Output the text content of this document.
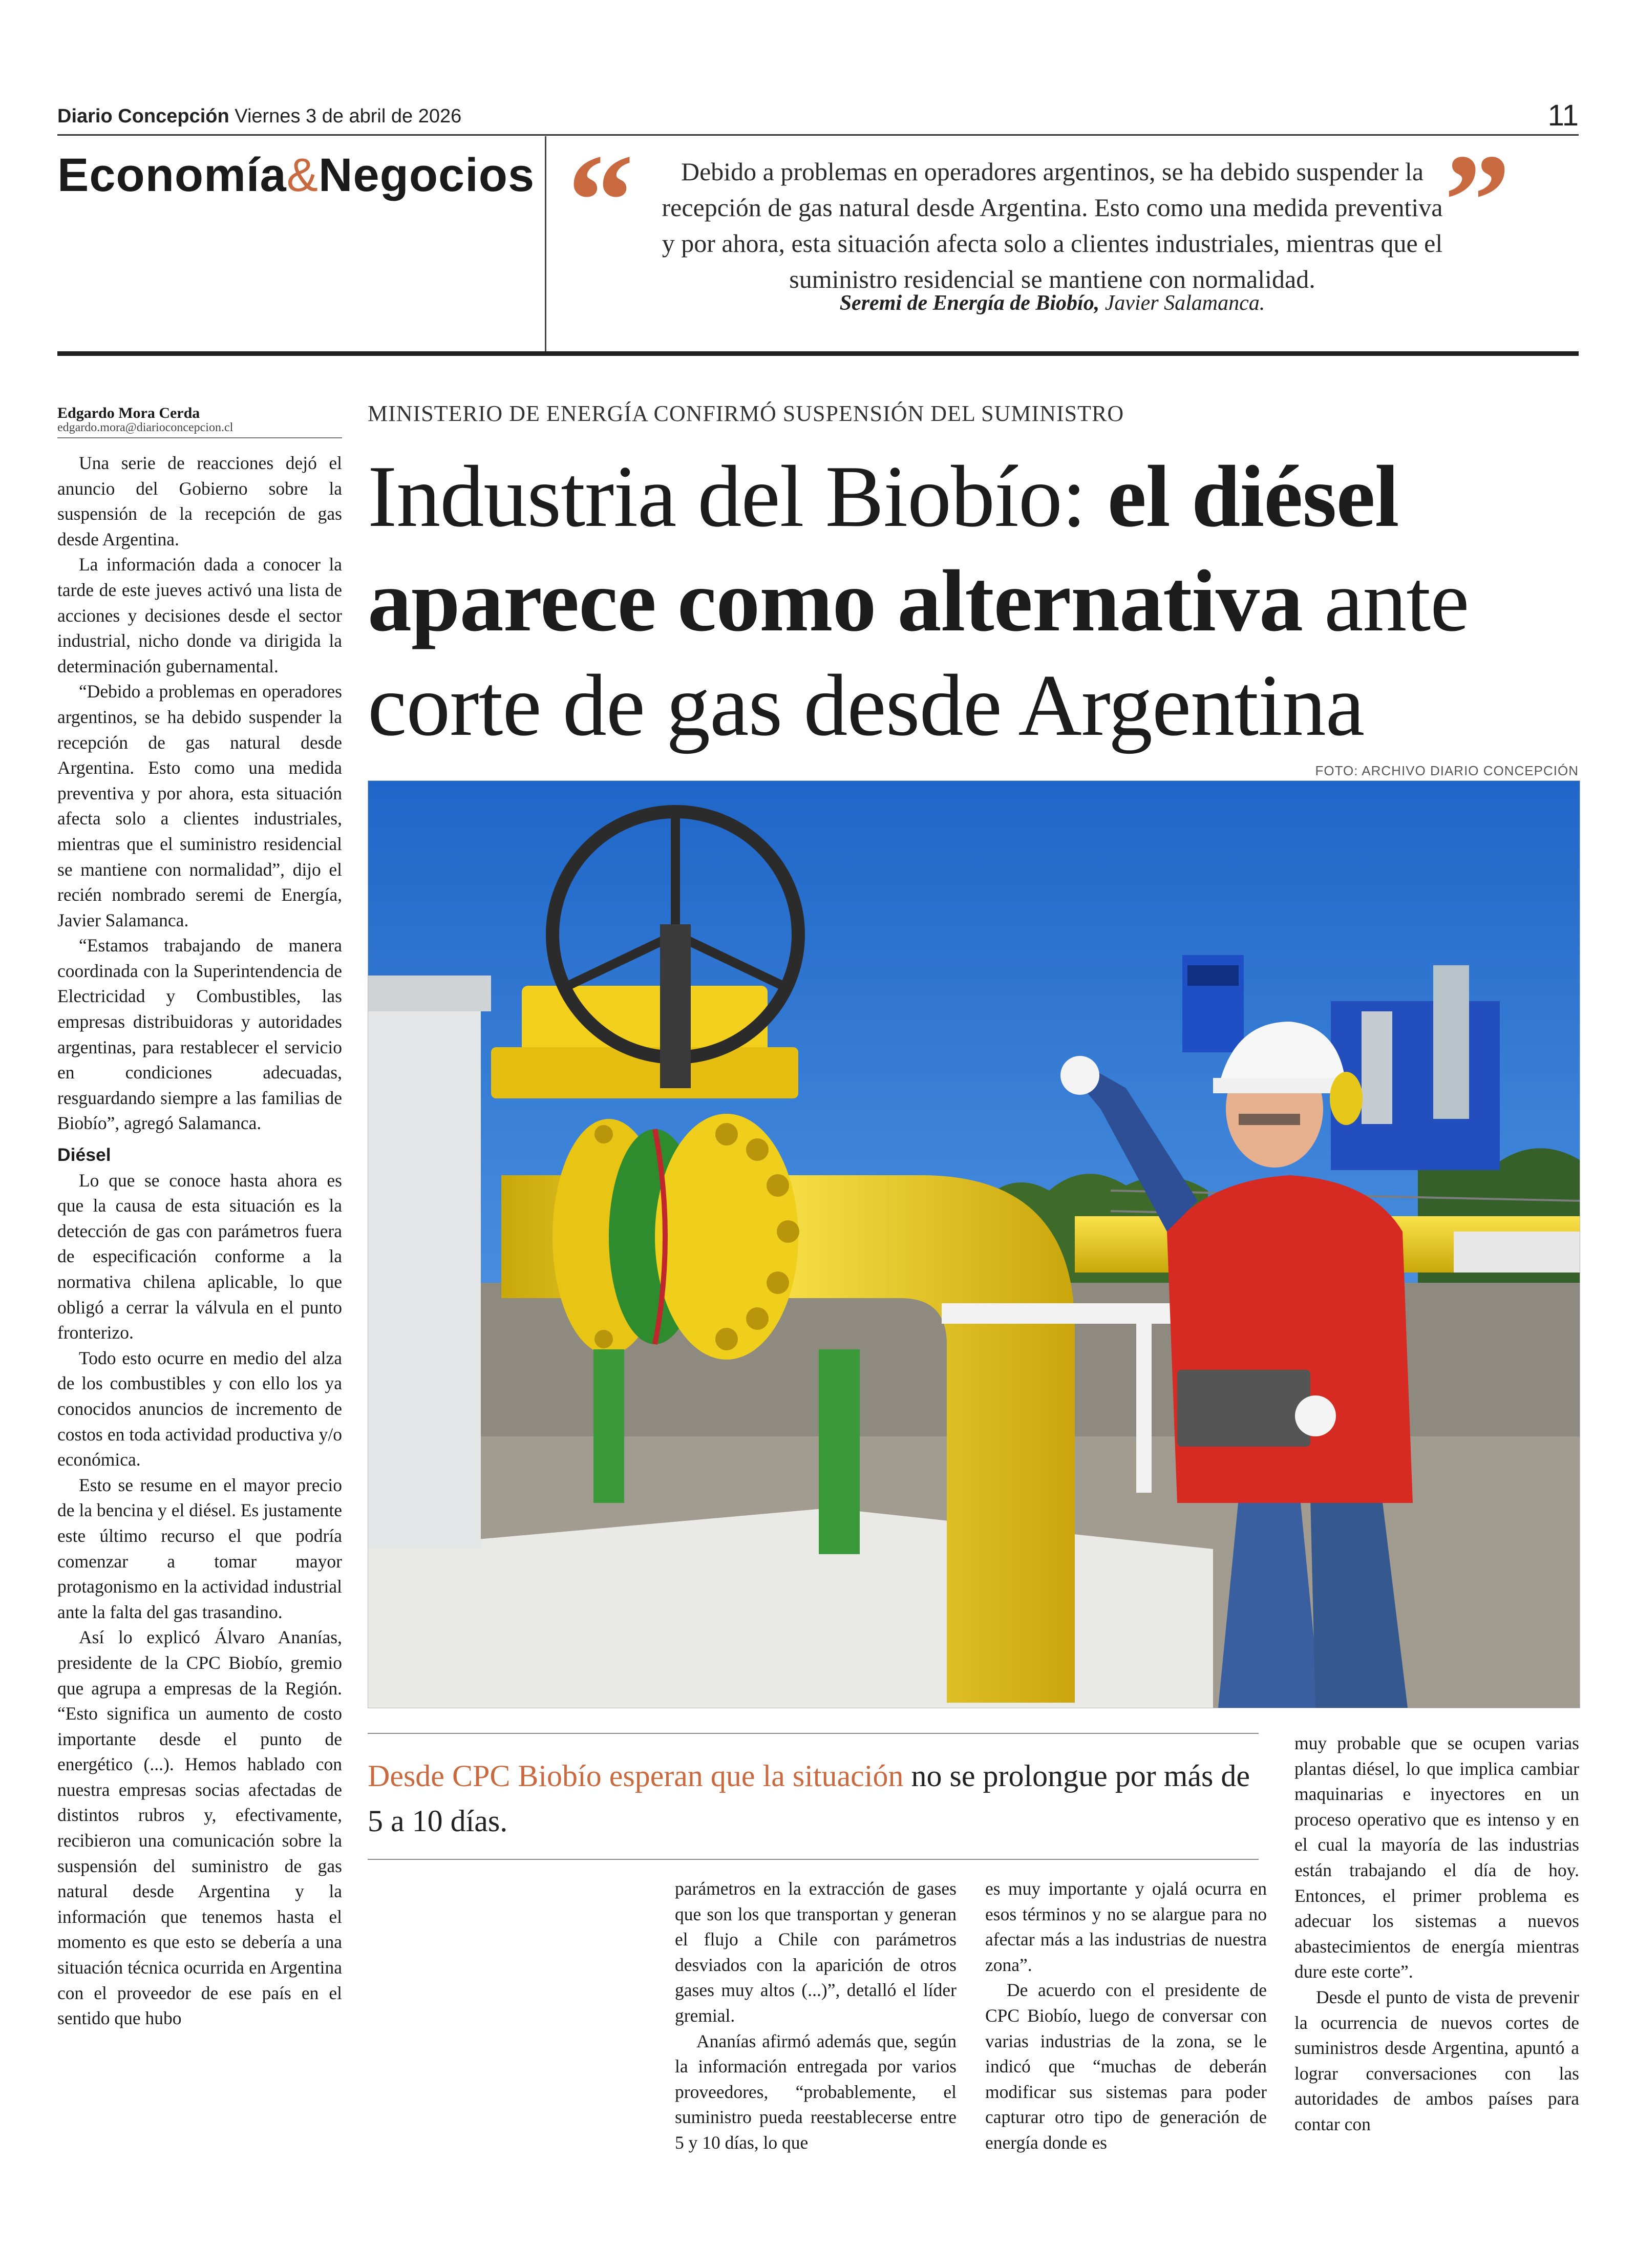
Diario Concepción Viernes 3 de abril de 2026	11
Economía&Negocios “	Debido a problemas en operadores argentinos, se ha debido suspender la recepción de gas natural desde Argentina. Esto como una medida preventiva y por ahora, esta situación afecta solo a clientes industriales, mientras que el suministro residencial se mantiene con normalidad.
Seremi de Energía de Biobío, Javier Salamanca.
”
Edgardo Mora Cerda
edgardo.mora@diarioconcepcion.cl

Una serie de reacciones dejó el anuncio del Gobierno sobre la suspensión de la recepción de gas desde Argentina.

La información dada a conocer la tarde de este jueves activó una lista de acciones y decisiones desde el sector industrial, nicho donde va dirigida la determinación gubernamental.

“Debido a problemas en operadores argentinos, se ha debido suspender la recepción de gas natural desde Argentina. Esto como una medida preventiva y por ahora, esta situación afecta solo a clientes industriales, mientras que el suministro residencial se mantiene con normalidad”, dijo el recién nombrado seremi de Energía, Javier Salamanca.

“Estamos trabajando de manera coordinada con la Superintendencia de Electricidad y Combustibles, las empresas distribuidoras y autoridades argentinas, para restablecer el servicio en condiciones adecuadas, resguardando siempre a las familias de Biobío”, agregó Salamanca.

Diésel

Lo que se conoce hasta ahora es que la causa de esta situación es la detección de gas con parámetros fuera de especificación conforme a la normativa chilena aplicable, lo que obligó a cerrar la válvula en el punto fronterizo.

Todo esto ocurre en medio del alza de los combustibles y con ello los ya conocidos anuncios de incremento de costos en toda actividad productiva y/o económica.

Esto se resume en el mayor precio de la bencina y el diésel. Es justamente este último recurso el que podría comenzar a tomar mayor protagonismo en la actividad industrial ante la falta del gas trasandino.

Así lo explicó Álvaro Ananías, presidente de la CPC Biobío, gremio que agrupa a empresas de la Región. “Esto significa un aumento de costo importante desde el punto de energético (...). Hemos hablado con nuestra empresas socias afectadas de distintos rubros y, efectivamente, recibieron una comunicación sobre la suspensión del suministro de gas natural desde Argentina y la información que tenemos hasta el momento es que esto se debería a una situación técnica ocurrida en Argentina con el proveedor de ese país en el sentido que hubo

MINISTERIO DE ENERGÍA CONFIRMÓ SUSPENSIÓN DEL SUMINISTRO
Industria del Biobío: el diésel aparece como alternativa ante corte de gas desde Argentina
FOTO: ARCHIVO DIARIO CONCEPCIÓN
Desde CPC Biobío esperan que la situación no se prolongue por más de 5 a 10 días.

parámetros en la extracción de gases que son los que transportan y generan el flujo a Chile con parámetros desviados con la aparición de otros gases muy altos (...)”, detalló el líder gremial.

Ananías afirmó además que, según la información entregada por varios proveedores, “probablemente, el suministro pueda reestablecerse entre 5 y 10 días, lo que

es muy importante y ojalá ocurra en esos términos y no se alargue para no afectar más a las industrias de nuestra zona”.

De acuerdo con el presidente de CPC Biobío, luego de conversar con varias industrias de la zona, se le indicó que “muchas de deberán modificar sus sistemas para poder capturar otro tipo de generación de energía donde es

muy probable que se ocupen varias plantas diésel, lo que implica cambiar maquinarias e inyectores en un proceso operativo que es intenso y en el cual la mayoría de las industrias están trabajando el día de hoy. Entonces, el primer problema es adecuar los sistemas a nuevos abastecimientos de energía mientras dure este corte”.

Desde el punto de vista de prevenir la ocurrencia de nuevos cortes de suministros desde Argentina, apuntó a lograr conversaciones con las autoridades de ambos países para contar con
